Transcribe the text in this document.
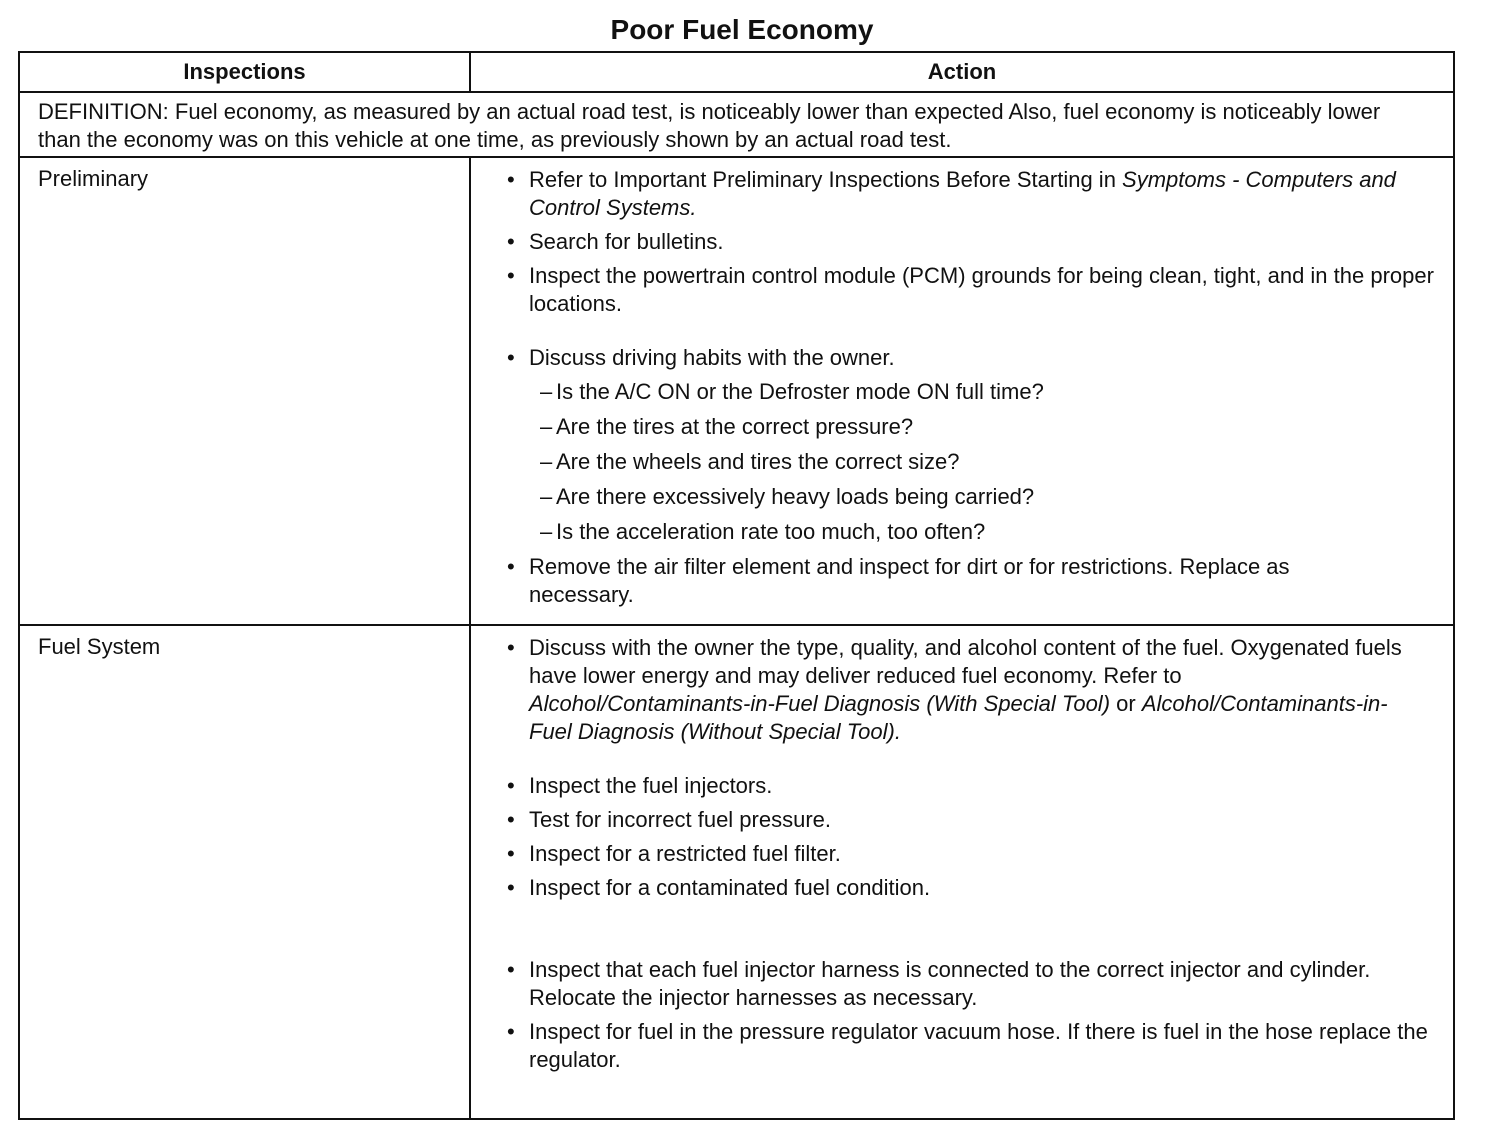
Poor Fuel Economy
Inspections	Action
DEFINITION: Fuel economy, as measured by an actual road test, is noticeably lower than expected Also, fuel economy is noticeably lower than the economy was on this vehicle at one time, as previously shown by an actual road test.
Preliminary	• Refer to Important Preliminary Inspections Before Starting in Symptoms - Computers and Control Systems.
• Search for bulletins.
• Inspect the powertrain control module (PCM) grounds for being clean, tight, and in the proper locations.
• Discuss driving habits with the owner.
– Is the A/C ON or the Defroster mode ON full time?
– Are the tires at the correct pressure?
– Are the wheels and tires the correct size?
– Are there excessively heavy loads being carried?
– Is the acceleration rate too much, too often?
• Remove the air filter element and inspect for dirt or for restrictions. Replace as necessary.
Fuel System	• Discuss with the owner the type, quality, and alcohol content of the fuel. Oxygenated fuels have lower energy and may deliver reduced fuel economy. Refer to Alcohol/Contaminants-in-Fuel Diagnosis (With Special Tool) or Alcohol/Contaminants-in-Fuel Diagnosis (Without Special Tool).
• Inspect the fuel injectors.
• Test for incorrect fuel pressure.
• Inspect for a restricted fuel filter.
• Inspect for a contaminated fuel condition.
• Inspect that each fuel injector harness is connected to the correct injector and cylinder. Relocate the injector harnesses as necessary.
• Inspect for fuel in the pressure regulator vacuum hose. If there is fuel in the hose replace the regulator.
